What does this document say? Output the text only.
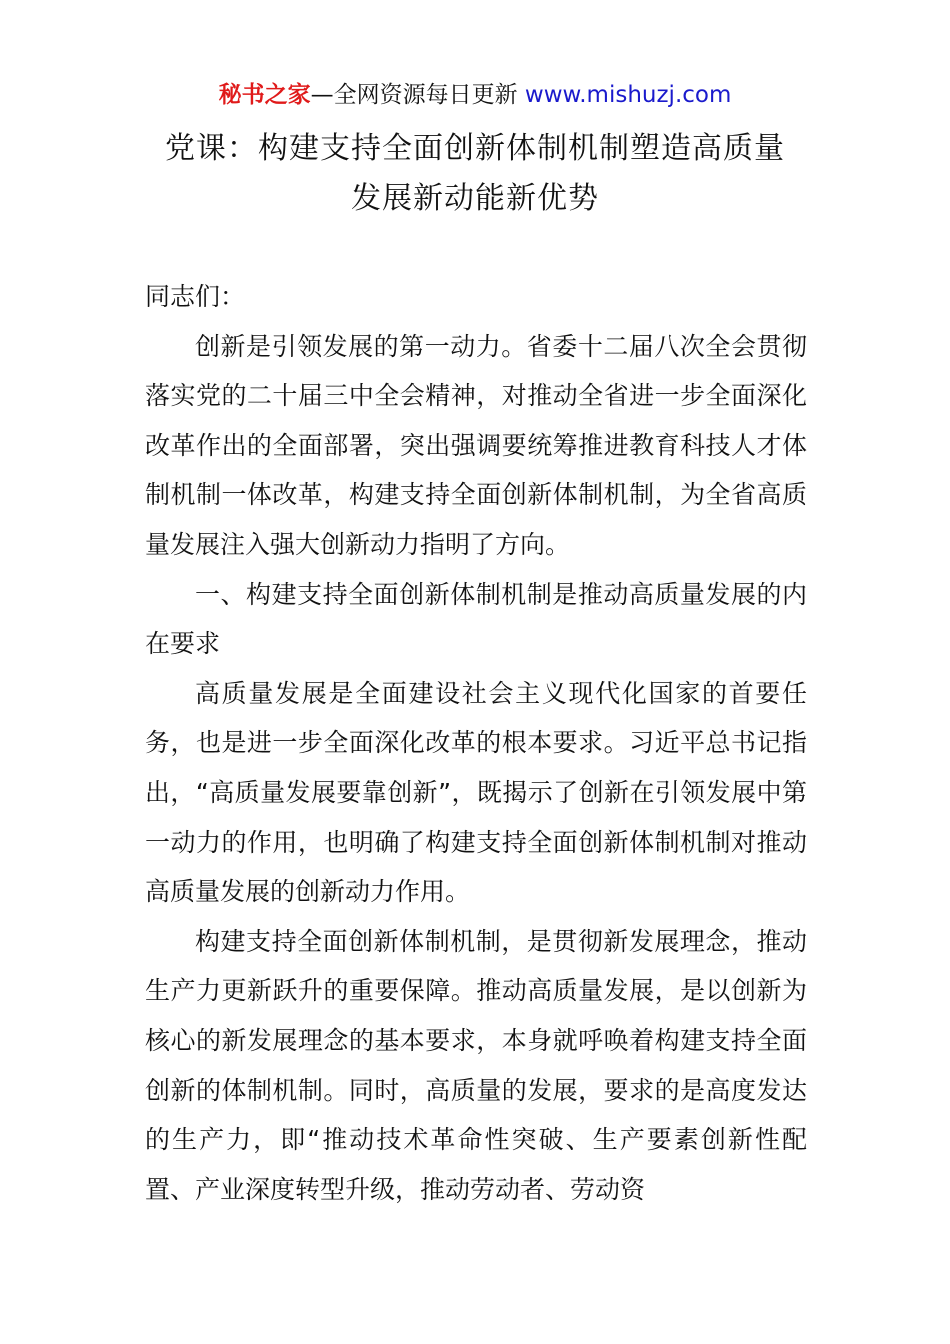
秘书之家—全网资源每日更新 www.mishuzj.com
党课：构建支持全面创新体制机制塑造高质量
发展新动能新优势

同志们：

创新是引领发展的第一动力。省委十二届八次全会贯彻落实党的二十届三中全会精神，对推动全省进一步全面深化改革作出的全面部署，突出强调要统筹推进教育科技人才体制机制一体改革，构建支持全面创新体制机制，为全省高质量发展注入强大创新动力指明了方向。

一、构建支持全面创新体制机制是推动高质量发展的内在要求

高质量发展是全面建设社会主义现代化国家的首要任务，也是进一步全面深化改革的根本要求。习近平总书记指出，“高质量发展要靠创新”，既揭示了创新在引领发展中第一动力的作用，也明确了构建支持全面创新体制机制对推动高质量发展的创新动力作用。

构建支持全面创新体制机制，是贯彻新发展理念，推动生产力更新跃升的重要保障。推动高质量发展，是以创新为核心的新发展理念的基本要求，本身就呼唤着构建支持全面创新的体制机制。同时，高质量的发展，要求的是高度发达的生产力，即“推动技术革命性突破、生产要素创新性配置、产业深度转型升级，推动劳动者、劳动资
